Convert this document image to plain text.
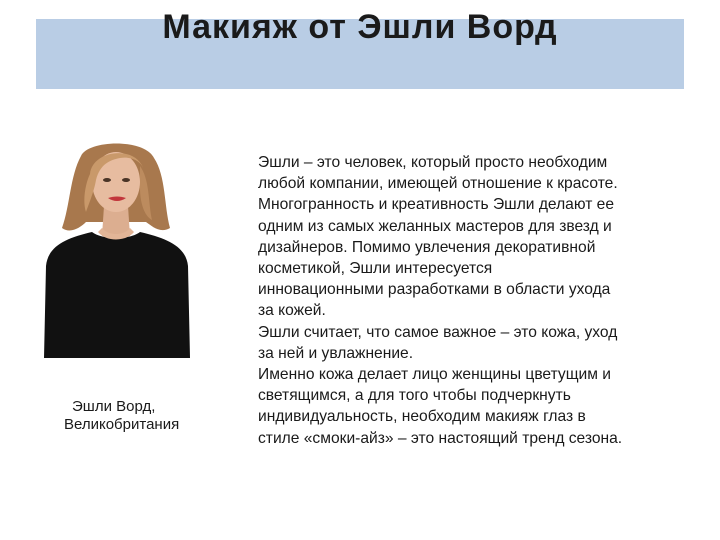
Макияж от Эшли Ворд
Эшли Ворд,
Великобритания
Эшли – это человек, который просто необходим
любой компании, имеющей отношение к красоте.
Многогранность и креативность Эшли делают ее
одним из самых желанных мастеров для звезд и
дизайнеров. Помимо увлечения декоративной
косметикой, Эшли интересуется
инновационными разработками в области ухода
за кожей.
Эшли считает, что самое важное – это кожа, уход
за ней и увлажнение.
Именно кожа делает лицо женщины цветущим и
светящимся, а для того чтобы подчеркнуть
индивидуальность, необходим макияж глаз в
стиле «смоки-айз» – это настоящий тренд сезона.
